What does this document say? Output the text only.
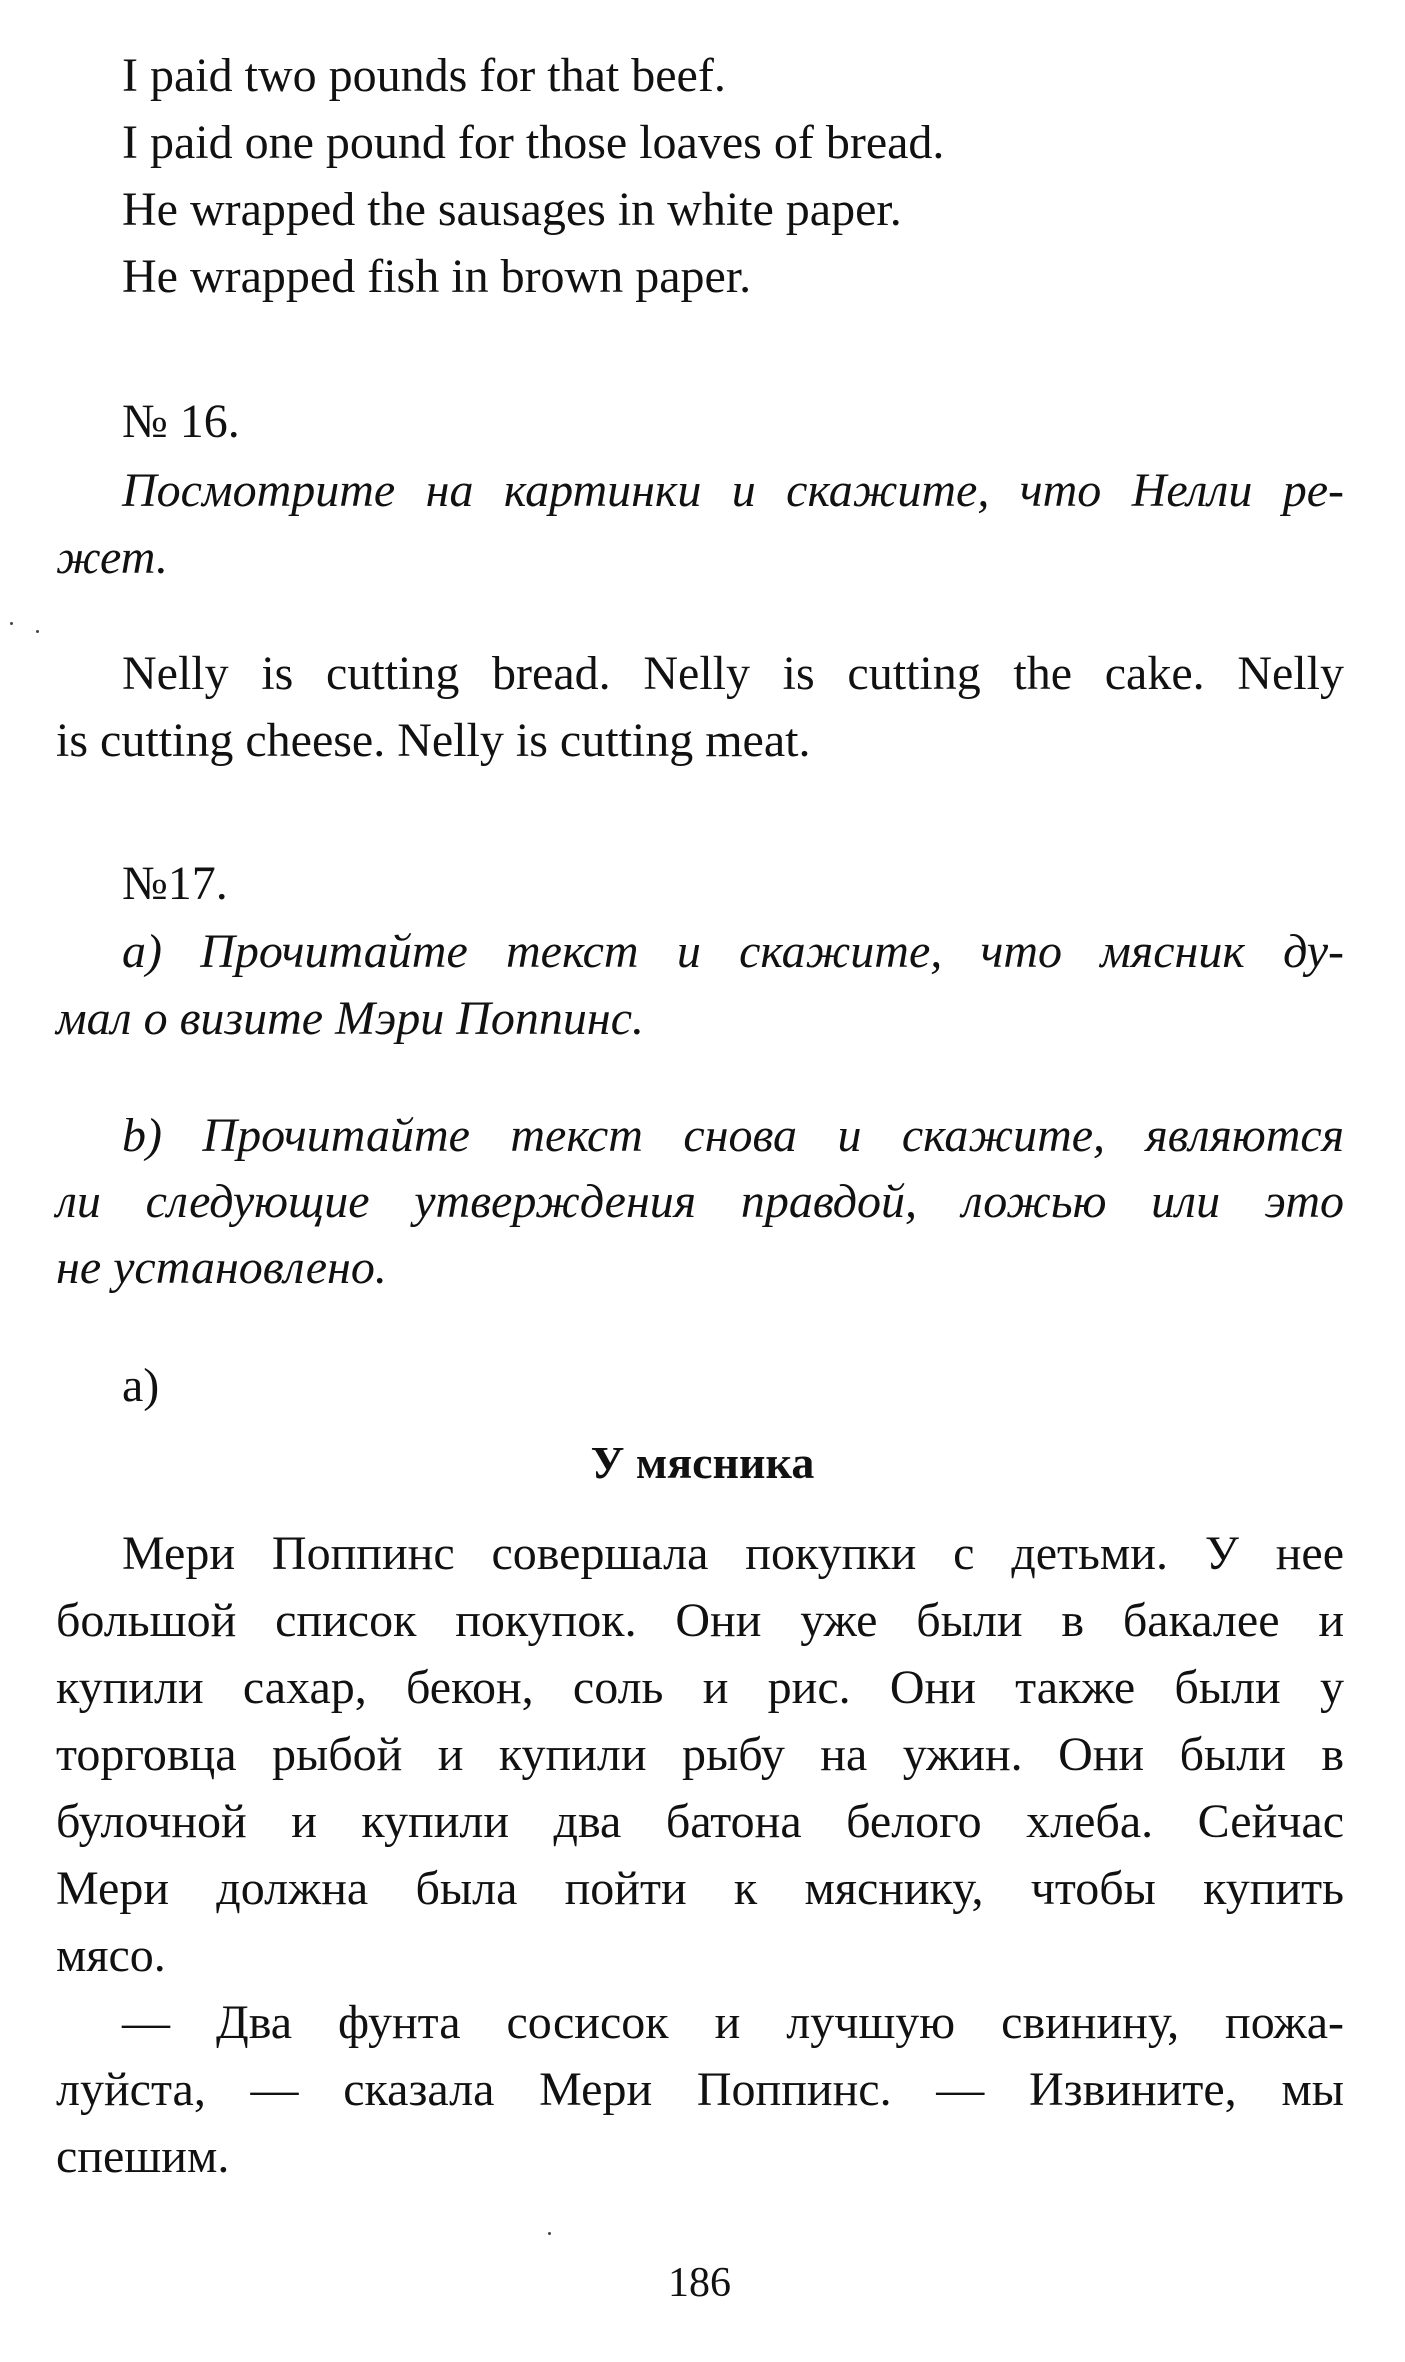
I paid two pounds for that beef.
I paid one pound for those loaves of bread.
He wrapped the sausages in white paper.
He wrapped fish in brown paper.
№ 16.
Посмотрите на картинки и скажите, что Нелли ре-
жет.
Nelly is cutting bread. Nelly is cutting the cake. Nelly
is cutting cheese. Nelly is cutting meat.
№17.
а) Прочитайте текст и скажите, что мясник ду-
мал о визите Мэри Поппинс.
b) Прочитайте текст снова и скажите, являются
ли следующие утверждения правдой, ложью или это
не установлено.
а)
У мясника
Мери Поппинс совершала покупки с детьми. У нее
большой список покупок. Они уже были в бакалее и
купили сахар, бекон, соль и рис. Они также были у
торговца рыбой и купили рыбу на ужин. Они были в
булочной и купили два батона белого хлеба. Сейчас
Мери должна была пойти к мяснику, чтобы купить
мясо.
— Два фунта сосисок и лучшую свинину, пожа-
луйста, — сказала Мери Поппинс. — Извините, мы
спешим.
186
